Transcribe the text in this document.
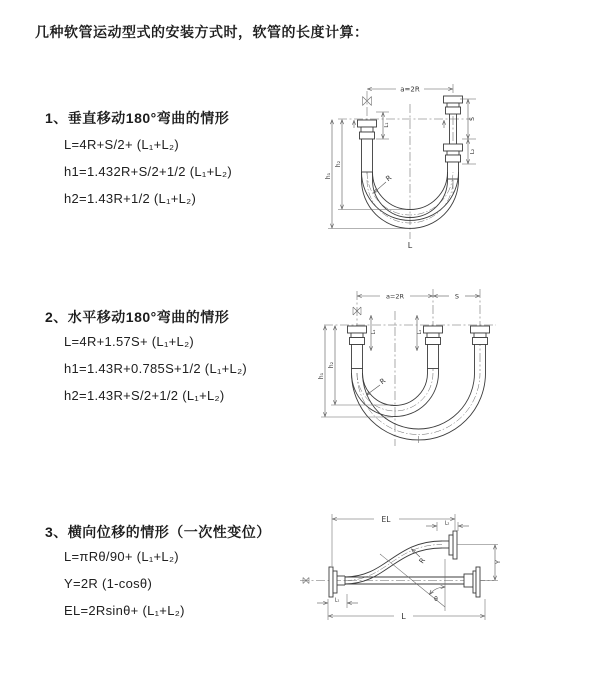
几种软管运动型式的安装方式时，软管的长度计算：
1、垂直移动180°弯曲的情形
L=4R+S/2+ (L₁+L₂)
h1=1.432R+S/2+1/2 (L₁+L₂)
h2=1.43R+1/2 (L₁+L₂)
2、水平移动180°弯曲的情形
L=4R+1.57S+ (L₁+L₂)
h1=1.43R+0.785S+1/2 (L₁+L₂)
h2=1.43R+S/2+1/2 (L₁+L₂)
3、横向位移的情形（一次性变位）
L=πRθ/90+ (L₁+L₂)
Y=2R (1-cosθ)
EL=2Rsinθ+ (L₁+L₂)
a=2R
h₂
h₁
L₁
S
L₂
R
L
a=2R	S
L₁	L₂
h₂
h₁
R
EL	L₂
Y
θ
R
L
L₁
